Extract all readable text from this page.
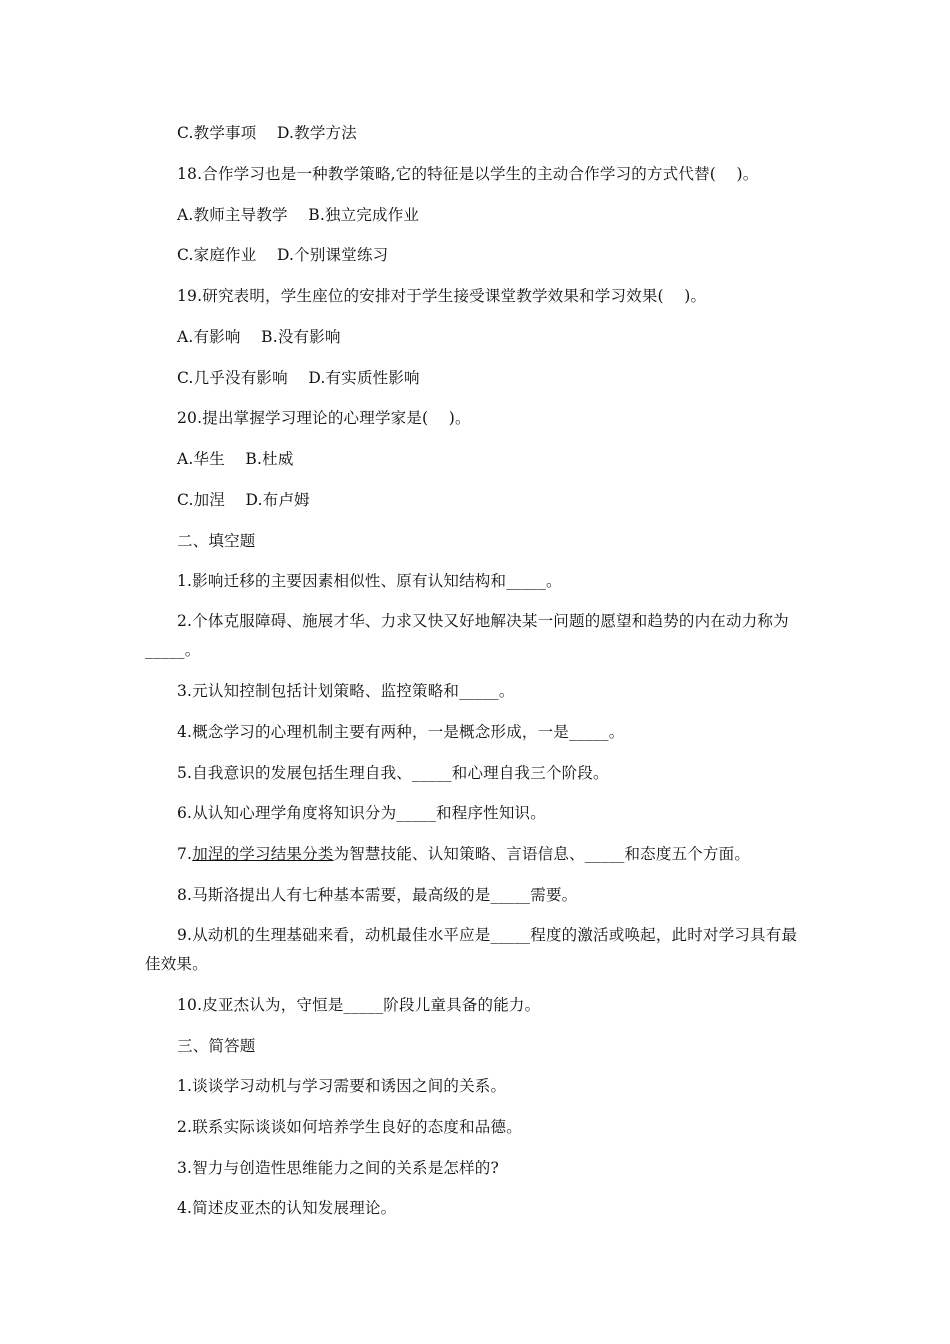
C.教学事项    D.教学方法
18.合作学习也是一种教学策略,它的特征是以学生的主动合作学习的方式代替(    )。
A.教师主导教学    B.独立完成作业
C.家庭作业    D.个别课堂练习
19.研究表明，学生座位的安排对于学生接受课堂教学效果和学习效果(    )。
A.有影响    B.没有影响
C.几乎没有影响    D.有实质性影响
20.提出掌握学习理论的心理学家是(    )。
A.华生    B.杜威
C.加涅    D.布卢姆
二、填空题
1.影响迁移的主要因素相似性、原有认知结构和_____。
2.个体克服障碍、施展才华、力求又快又好地解决某一问题的愿望和趋势的内在动力称为_____。
3.元认知控制包括计划策略、监控策略和_____。
4.概念学习的心理机制主要有两种，一是概念形成，一是_____。
5.自我意识的发展包括生理自我、_____和心理自我三个阶段。
6.从认知心理学角度将知识分为_____和程序性知识。
7.加涅的学习结果分类为智慧技能、认知策略、言语信息、_____和态度五个方面。
8.马斯洛提出人有七种基本需要，最高级的是_____需要。
9.从动机的生理基础来看，动机最佳水平应是_____程度的激活或唤起，此时对学习具有最佳效果。
10.皮亚杰认为，守恒是_____阶段儿童具备的能力。
三、简答题
1.谈谈学习动机与学习需要和诱因之间的关系。
2.联系实际谈谈如何培养学生良好的态度和品德。
3.智力与创造性思维能力之间的关系是怎样的?
4.简述皮亚杰的认知发展理论。
